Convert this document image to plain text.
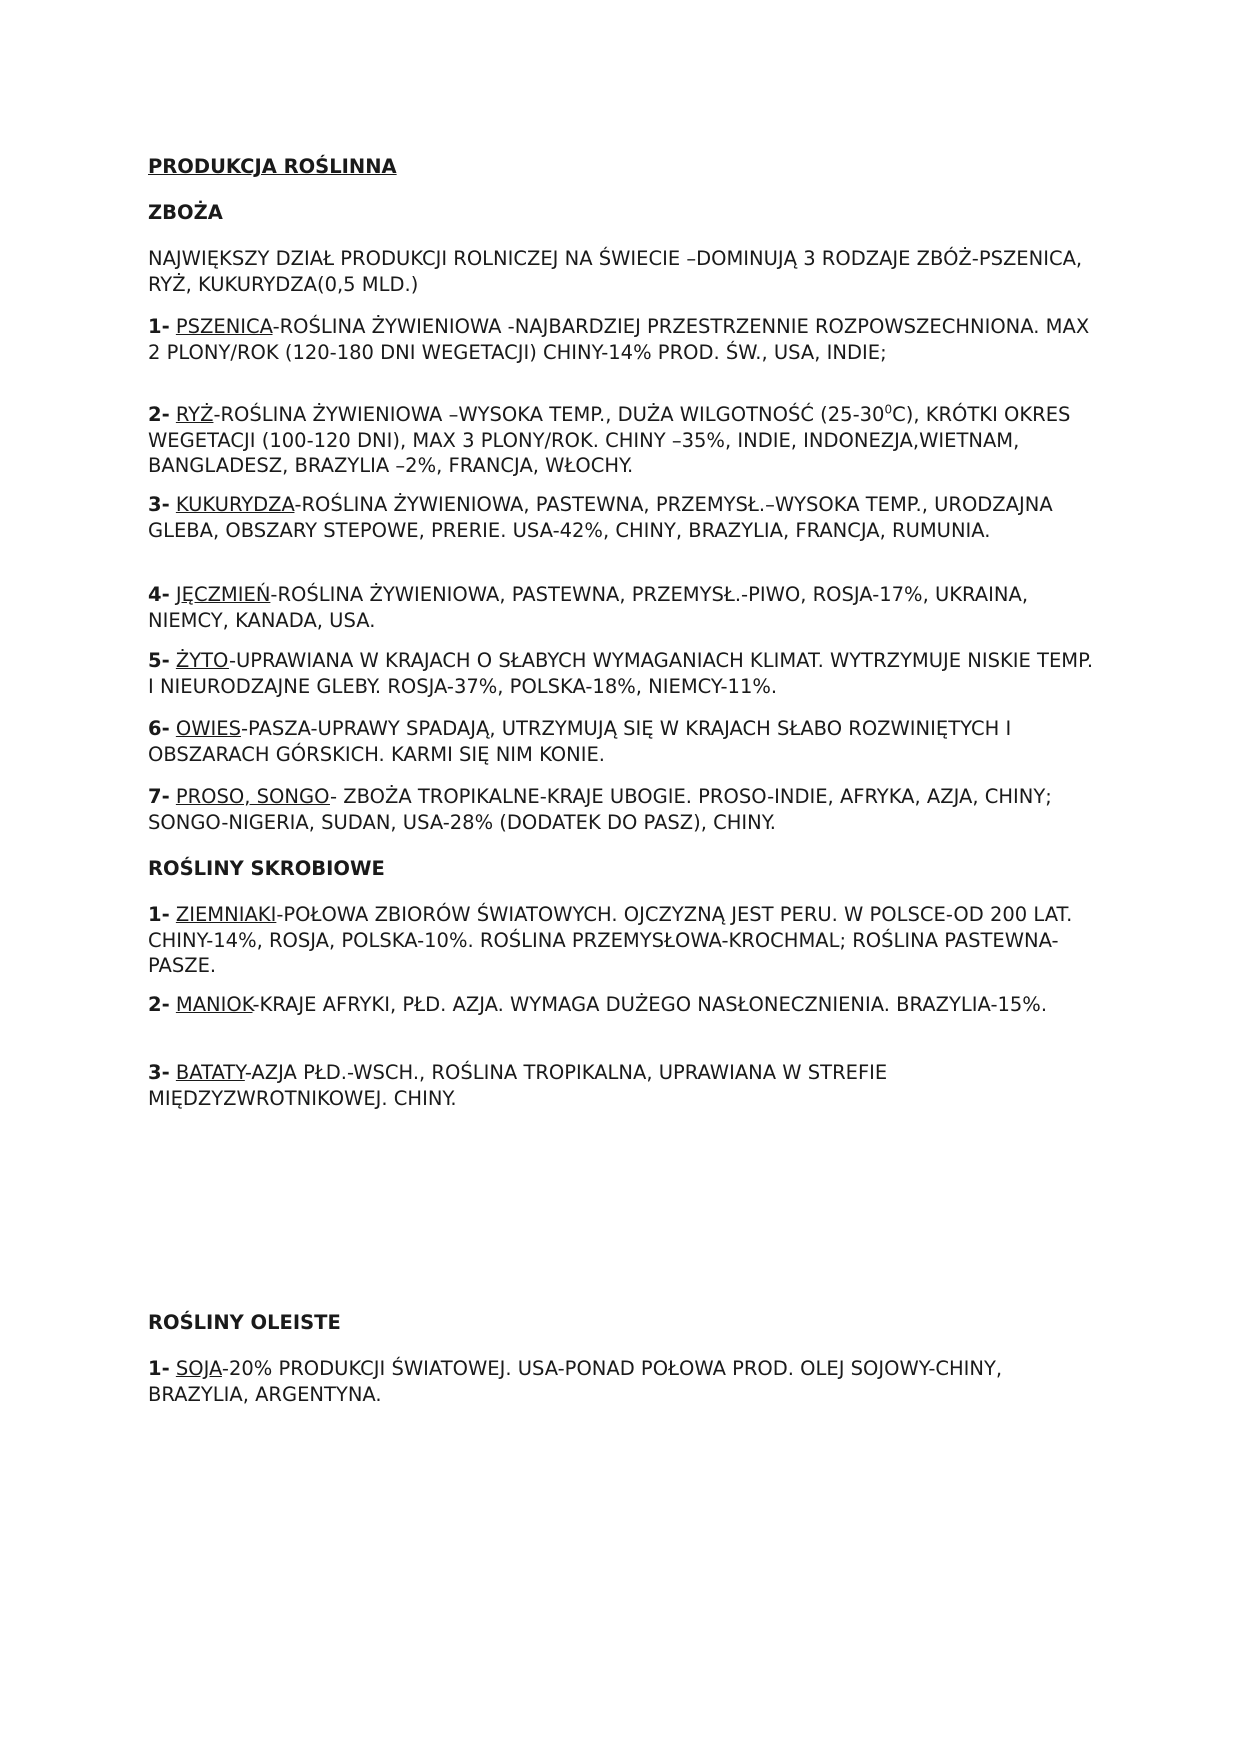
PRODUKCJA ROŚLINNA
ZBOŻA

NAJWIĘKSZY DZIAŁ PRODUKCJI ROLNICZEJ NA ŚWIECIE –DOMINUJĄ 3 RODZAJE ZBÓŻ-PSZENICA, RYŻ, KUKURYDZA(0,5 MLD.)

1- PSZENICA-ROŚLINA ŻYWIENIOWA -NAJBARDZIEJ PRZESTRZENNIE ROZPOWSZECHNIONA. MAX 2 PLONY/ROK (120-180 DNI WEGETACJI) CHINY-14% PROD. ŚW., USA, INDIE;

2- RYŻ-ROŚLINA ŻYWIENIOWA –WYSOKA TEMP., DUŻA WILGOTNOŚĆ $(25-30^0C)$, KRÓTKI OKRES WEGETACJI (100-120 DNI), MAX 3 PLONY/ROK. CHINY –35%, INDIE, INDONEZJA,WIETNAM, BANGLADESZ, BRAZYLIA –2%, FRANCJA, WŁOCHY.

3- KUKURYDZA-ROŚLINA ŻYWIENIOWA, PASTEWNA, PRZEMYSŁ.–WYSOKA TEMP., URODZAJNA GLEBA, OBSZARY STEPOWE, PRERIE. USA-42%, CHINY, BRAZYLIA, FRANCJA, RUMUNIA.

4- JĘCZMIEŃ-ROŚLINA ŻYWIENIOWA, PASTEWNA, PRZEMYSŁ.-PIWO, ROSJA-17%, UKRAINA, NIEMCY, KANADA, USA.

5- ŻYTO-UPRAWIANA W KRAJACH O SŁABYCH WYMAGANIACH KLIMAT. WYTRZYMUJE NISKIE TEMP. I NIEURODZAJNE GLEBY. ROSJA-37%, POLSKA-18%, NIEMCY-11%.

6- OWIES-PASZA-UPRAWY SPADAJĄ, UTRZYMUJĄ SIĘ W KRAJACH SŁABO ROZWINIĘTYCH I OBSZARACH GÓRSKICH. KARMI SIĘ NIM KONIE.

7- PROSO, SONGO- ZBOŻA TROPIKALNE-KRAJE UBOGIE. PROSO-INDIE, AFRYKA, AZJA, CHINY; SONGO-NIGERIA, SUDAN, USA-28% (DODATEK DO PASZ), CHINY.

ROŚLINY SKROBIOWE

1- ZIEMNIAKI-POŁOWA ZBIORÓW ŚWIATOWYCH. OJCZYZNĄ JEST PERU. W POLSCE-OD 200 LAT. CHINY-14%, ROSJA, POLSKA-10%. ROŚLINA PRZEMYSŁOWA-KROCHMAL; ROŚLINA PASTEWNA-PASZE.

2- MANIOK-KRAJE AFRYKI, PŁD. AZJA. WYMAGA DUŻEGO NASŁONECZNIENIA. BRAZYLIA-15%.

3- BATATY-AZJA PŁD.-WSCH., ROŚLINA TROPIKALNA, UPRAWIANA W STREFIE MIĘDZYZWROTNIKOWEJ. CHINY.

ROŚLINY OLEISTE

1- SOJA-20% PRODUKCJI ŚWIATOWEJ. USA-PONAD POŁOWA PROD. OLEJ SOJOWY-CHINY, BRAZYLIA, ARGENTYNA.
